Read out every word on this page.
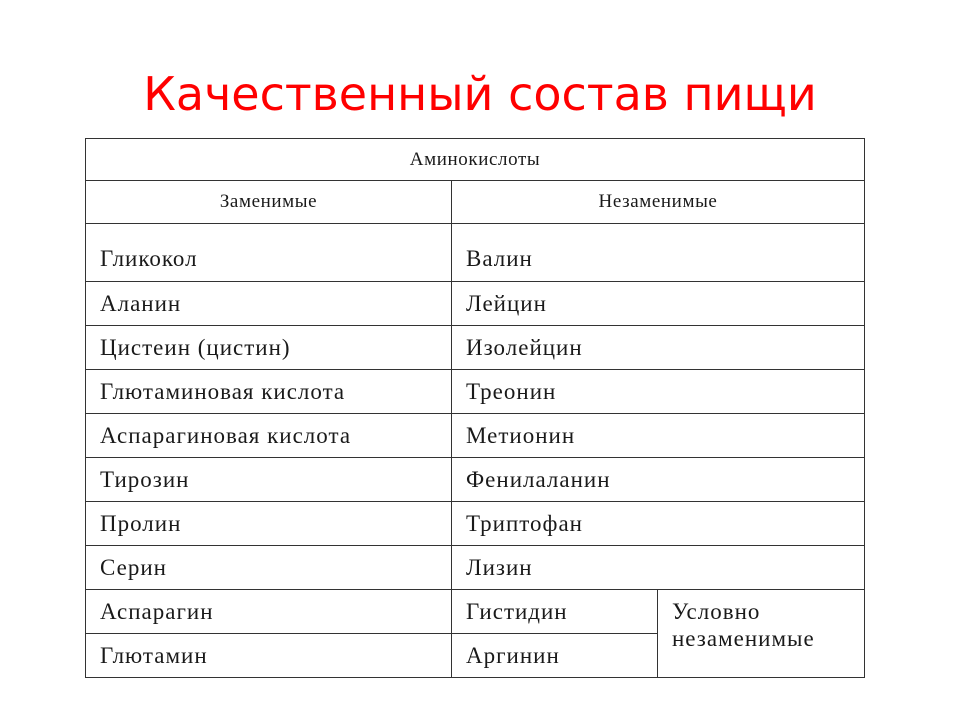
Качественный состав пищи
Аминокислоты		
Заменимые	Незаменимые	
Гликокол	Валин	
Аланин	Лейцин	
Цистеин (цистин)	Изолейцин	
Глютаминовая кислота	Треонин	
Аспарагиновая кислота	Метионин	
Тирозин	Фенилаланин	
Пролин	Триптофан	
Серин	Лизин	
Аспарагин	Гистидин	Условно
незаменимые

Глютамин	Аргинин	
